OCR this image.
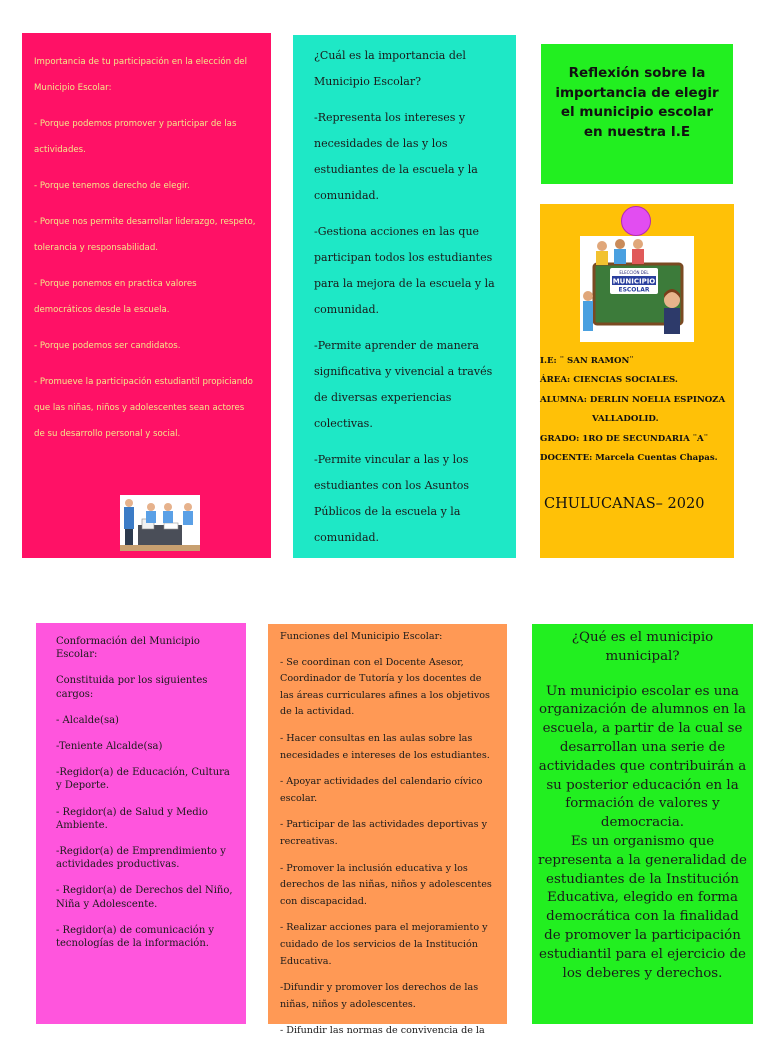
Importancia de tu participación en la elección del Municipio Escolar:

- Porque podemos promover y participar de las actividades.

- Porque tenemos derecho de elegir.

- Porque nos permite desarrollar liderazgo, respeto, tolerancia y responsabilidad.

- Porque ponemos en practica valores democráticos desde la escuela.

- Porque podemos ser candidatos.

- Promueve la participación estudiantil propiciando que las niñas, niños y adolescentes sean actores de su desarrollo personal y social.

¿Cuál es la importancia del Municipio Escolar?

-Representa los intereses y necesidades de las y los estudiantes de la escuela y la comunidad.

-Gestiona acciones en las que participan todos los estudiantes para la mejora de la escuela y la comunidad.

-Permite aprender de manera significativa y vivencial a través de diversas experiencias colectivas.

-Permite vincular a las y los estudiantes con los Asuntos Públicos de la escuela y la comunidad.

Reflexión sobre la importancia de elegir el municipio escolar en nuestra I.E
ELECCIÓN DEL
MUNICIPIO
ESCOLAR
I.E: ¨ SAN RAMON¨
ÁREA: CIENCIAS SOCIALES.
ALUMNA: DERLIN NOELIA ESPINOZA
VALLADOLID.
GRADO: 1RO DE SECUNDARIA ¨A¨
DOCENTE: Marcela Cuentas Chapas.
CHULUCANAS– 2020

Conformación del Municipio Escolar:

Constituida por los siguientes cargos:

- Alcalde(sa)

-Teniente Alcalde(sa)

-Regidor(a) de Educación, Cultura y Deporte.

- Regidor(a) de Salud y Medio Ambiente.

-Regidor(a) de Emprendimiento y actividades productivas.

- Regidor(a) de Derechos del Niño, Niña y Adolescente.

- Regidor(a) de comunicación y tecnologías de la información.

Funciones del Municipio Escolar:

- Se coordinan con el Docente Asesor, Coordinador de Tutoría y los docentes de las áreas curriculares afines a los objetivos de la actividad.

- Hacer consultas en las aulas sobre las necesidades e intereses de los estudiantes.

- Apoyar actividades del calendario cívico escolar.

- Participar de las actividades deportivas y recreativas.

- Promover la inclusión educativa y los derechos de las niñas, niños y adolescentes con discapacidad.

- Realizar acciones para el mejoramiento y cuidado de los servicios de la Institución Educativa.

-Difundir y promover los derechos de las niñas, niños y adolescentes.

- Difundir las normas de convivencia de la

¿Qué es el municipio municipal?

Un municipio escolar es una organización de alumnos en la escuela, a partir de la cual se desarrollan una serie de actividades que contribuirán a su posterior educación en la formación de valores y democracia.

Es un organismo que representa a la generalidad de estudiantes de la Institución Educativa, elegido en forma democrática con la finalidad de promover la participación estudiantil para el ejercicio de los deberes y derechos.
